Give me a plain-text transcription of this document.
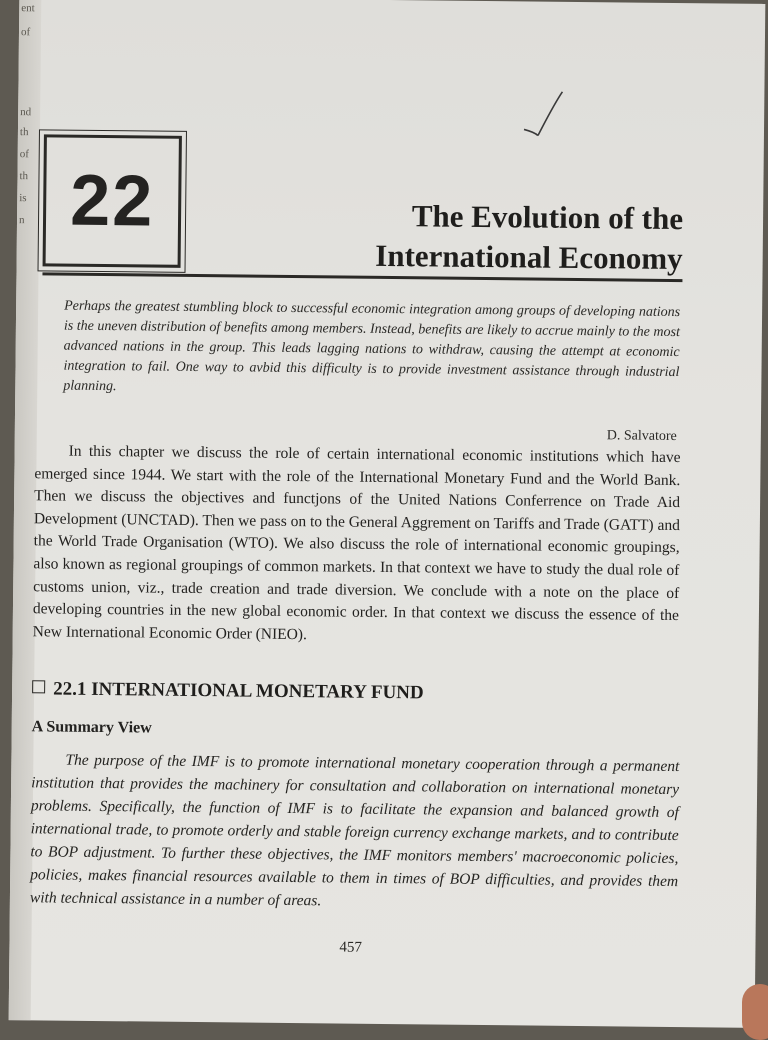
ent
of
nd
th
of
th
is
n 22	The Evolution of the
International Economy
Perhaps the greatest stumbling block to successful economic integration among groups of developing nations is the uneven distribution of benefits among members. Instead, benefits are likely to accrue mainly to the most advanced nations in the group. This leads lagging nations to withdraw, causing the attempt at economic integration to fail. One way to avbid this difficulty is to provide investment assistance through industrial planning.
D. Salvatore
In this chapter we discuss the role of certain international economic institutions which have emerged since 1944. We start with the role of the International Monetary Fund and the World Bank. Then we discuss the objectives and functjons of the United Nations Conferrence on Trade Aid Development (UNCTAD). Then we pass on to the General Aggrement on Tariffs and Trade (GATT) and the World Trade Organisation (WTO). We also discuss the role of international economic groupings, also known as regional groupings of common markets. In that context we have to study the dual role of customs union, viz., trade creation and trade diversion. We conclude with a note on the place of developing countries in the new global economic order. In that context we discuss the essence of the New International Economic Order (NIEO).
22.1 INTERNATIONAL MONETARY FUND
A Summary View
The purpose of the IMF is to promote international monetary cooperation through a permanent institution that provides the machinery for consultation and collaboration on international monetary problems. Specifically, the function of IMF is to facilitate the expansion and balanced growth of international trade, to promote orderly and stable foreign currency exchange markets, and to contribute to BOP adjustment. To further these objectives, the IMF monitors members' macroeconomic policies, policies, makes financial resources available to them in times of BOP difficulties, and provides them with technical assistance in a number of areas.
457
